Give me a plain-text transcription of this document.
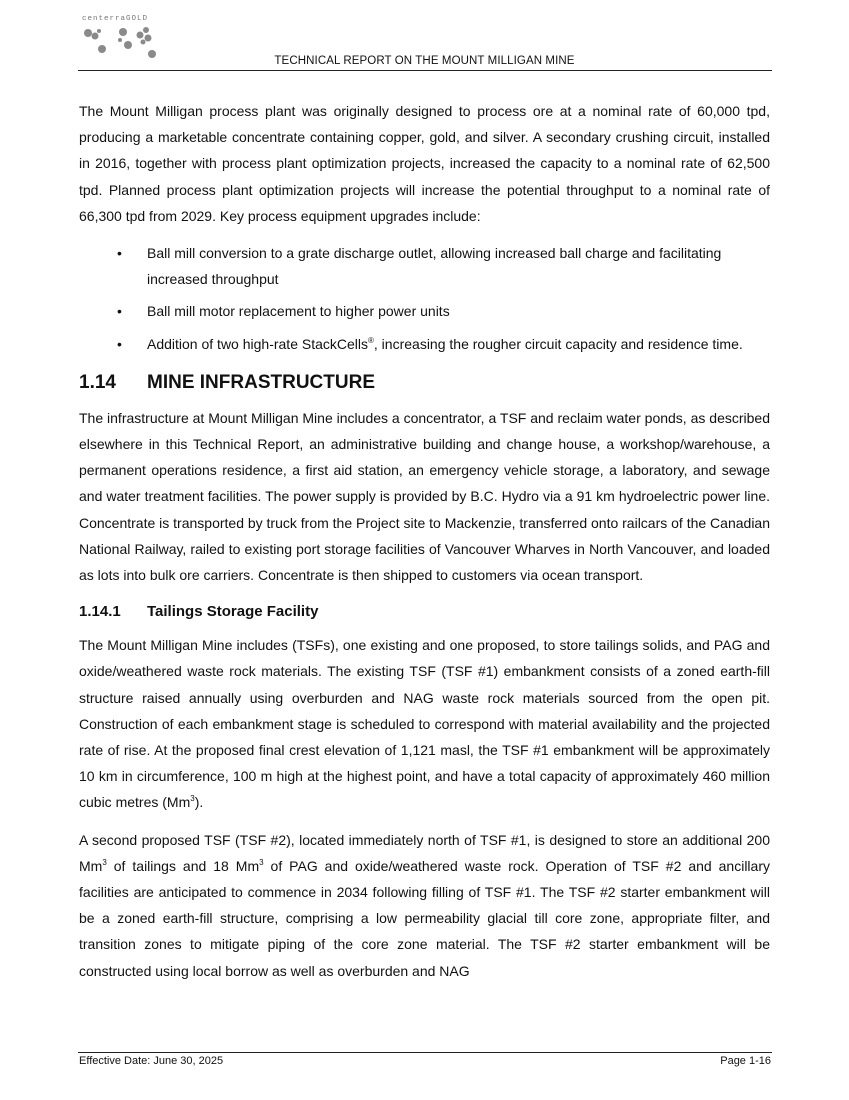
centerraGOLD
TECHNICAL REPORT ON THE MOUNT MILLIGAN MINE

The Mount Milligan process plant was originally designed to process ore at a nominal rate of 60,000 tpd, producing a marketable concentrate containing copper, gold, and silver. A secondary crushing circuit, installed in 2016, together with process plant optimization projects, increased the capacity to a nominal rate of 62,500 tpd. Planned process plant optimization projects will increase the potential throughput to a nominal rate of 66,300 tpd from 2029. Key process equipment upgrades include:

• Ball mill conversion to a grate discharge outlet, allowing increased ball charge and facilitating increased throughput
• Ball mill motor replacement to higher power units
• Addition of two high-rate StackCells®, increasing the rougher circuit capacity and residence time.
1.14 MINE INFRASTRUCTURE

The infrastructure at Mount Milligan Mine includes a concentrator, a TSF and reclaim water ponds, as described elsewhere in this Technical Report, an administrative building and change house, a workshop/warehouse, a permanent operations residence, a first aid station, an emergency vehicle storage, a laboratory, and sewage and water treatment facilities. The power supply is provided by B.C. Hydro via a 91 km hydroelectric power line. Concentrate is transported by truck from the Project site to Mackenzie, transferred onto railcars of the Canadian National Railway, railed to existing port storage facilities of Vancouver Wharves in North Vancouver, and loaded as lots into bulk ore carriers. Concentrate is then shipped to customers via ocean transport.

1.14.1 Tailings Storage Facility

The Mount Milligan Mine includes (TSFs), one existing and one proposed, to store tailings solids, and PAG and oxide/weathered waste rock materials. The existing TSF (TSF #1) embankment consists of a zoned earth-fill structure raised annually using overburden and NAG waste rock materials sourced from the open pit. Construction of each embankment stage is scheduled to correspond with material availability and the projected rate of rise. At the proposed final crest elevation of 1,121 masl, the TSF #1 embankment will be approximately 10 km in circumference, 100 m high at the highest point, and have a total capacity of approximately 460 million cubic metres (Mm$^3$).

A second proposed TSF (TSF #2), located immediately north of TSF #1, is designed to store an additional 200 Mm$^3$ of tailings and 18 Mm$^3$ of PAG and oxide/weathered waste rock. Operation of TSF #2 and ancillary facilities are anticipated to commence in 2034 following filling of TSF #1. The TSF #2 starter embankment will be a zoned earth-fill structure, comprising a low permeability glacial till core zone, appropriate filter, and transition zones to mitigate piping of the core zone material. The TSF #2 starter embankment will be constructed using local borrow as well as overburden and NAG

Effective Date: June 30, 2025	Page 1-16
